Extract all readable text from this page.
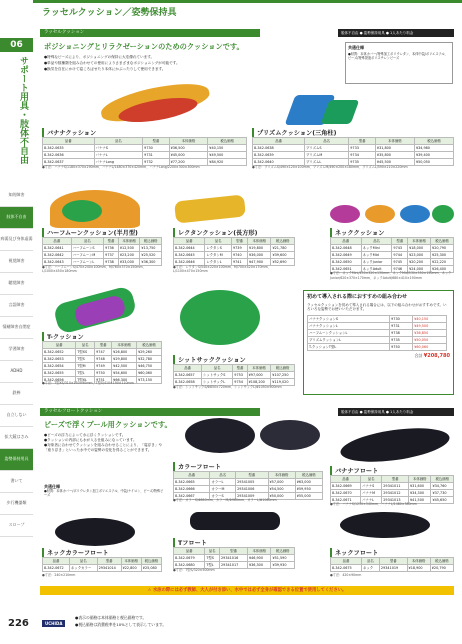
06
サポート用具・肢体不自由
知的障害
肢体不自由
病弱及び身体虚弱
視覚障害
聴覚障害
言語障害
情緒障害自閉症
学習障害
ADHD
鉄棒
自立しない
拡大鏡はさみ
姿勢保持用具
書いて
歩行機器類
スロープ
ラッセルクッション／姿勢保持具
ラッセルクッション	脱体不自由 ● 姿勢保持用具 ● 1人あたり料金
ポジショニングとリラクゼーションのためのクッションです。
●特殊なビーズにより、ポジショニングの保持に大変優れています。
●単品や数種類を組み合わせての使用によりさまざまなポジショニングが可能です。
●換気を自在にかけて寝ころばせたり本体にかぶったりして使用できます。
共通仕様
●材質：本体カバー/特殊加工ポリウレタン、本体中袋/ポリエステル、ビーズ/特殊発泡ポリスチレンビーズ
バナナクッション
品番	品名	型番	本体価格	税込価格
8-342-0635	バナナS	9730	¥36,500	¥40,150
8-342-0636	バナナL	9731	¥45,000	¥49,500
8-342-0637	バナナLong	9732	¥77,200	¥84,920
●寸法：バナナS/1180×370×290mm、バナナL/1480×370×420mm、バナナLong/2200×300×300mm
プリズムクッション(三角柱)
品番	品名	型番	本体価格	税込価格
8-342-0638	プリズムS	9733	¥31,800	¥34,980
8-342-0639	プリズムM	9734	¥35,800	¥39,400
8-342-0640	プリズムL	9735	¥45,500	¥50,050
●寸法：プリズムS/490×120×100mm、プリズムM/490×200×180mm、プリズムL/590×210×220mm
ハーフムーンクッション(半月型)
品番	品名	型番	本体価格	税込価格
8-342-0641	ハーフムーンS	9736	¥12,500	¥13,750
8-342-0642	ハーフムーンM	9737	¥23,200	¥25,520
8-342-0643	ハーフムーンL	9738	¥33,000	¥36,300
●寸法：ハーフムーンS/470×240×100mm、M/760×370×150mm、L/1000×450×180mm
レクタンクッション(長方形)
品番	品名	型番	本体価格	税込価格
8-342-0644	レクタンS	9739	¥19,800	¥21,780
8-342-0645	レクタンM	9740	¥36,000	¥39,600
8-342-0646	レクタンL	9741	¥47,900	¥52,690
●寸法：レクタンS/540×220×100mm、M/700×420×170mm、L/1100×470×150mm
ネッククッション
品番	品名	型番	本体価格	税込価格
8-342-0648	ネックMini	9743	¥18,000	¥20,790
8-342-0649	ネックMid	9744	¥23,000	¥25,300
8-342-0650	ネックJunior	9745	¥20,200	¥22,220
8-342-0651	ネックAdult	9746	¥24,000	¥26,400
●寸法：ネックMini/430×320×130mm、ネックMid/530×350×150mm、ネックJunior/620×370×170mm、ネックAdult/680×410×190mm
T-クッション
品番	品名	型番	本体価格	税込価格
8-342-0652	T型XS	9747	¥26,800	¥29,260
8-342-0653	T型S	9748	¥29,800	¥32,780
8-342-0654	T型M	9749	¥42,500	¥46,750
8-342-0655	T型L	9750	¥54,600	¥60,060
8-342-0656	T型XL	9751	¥66,300	¥73,150
●寸法：T型XS/310×130×90mm、T型S/410×190×110mm
シットサッククッション
品番	品名	型番	本体価格	税込価格
8-342-0657	シットサックS	9753	¥97,000	¥107,250
8-342-0658	シットサックL	9754	¥108,200	¥119,020
●寸法：シットサックS/Φ850×720mm、シットサックL/Φ1050×900mm
初めて導入される際におすすめの組み合わせ
ラッセルクッションを初めて導入される場合には、以下の組み合わせがおすすめです。いろいろな姿勢でお使いいただけます。
バナナクッションS	9730	¥40,150
バナナクッションL	9731	¥49,500
ハーフムーンクッションL	9738	¥36,850
プリズムクッションL	9735	¥50,050
T-クッションT型L	9750	¥60,060
合計 ¥208,780
ラッセルフロートクッション	脱体不自由 ● 姿勢保持用具 ● 1人あたり料金
ビーズで浮くプール用クッションです。
●ビーズの浮力によって水に浮くクッションです。
●クッションの内部にも水が入る仕組みになっています。
●対象者に合わせてクッションを組み合わせることにより、「寝浮き」や「座り浮き」といった水中での姿勢の変化を得ることができます。
共通仕様
●材質：本体カバー/ポリウレタン加工ポリエステル、中袋/ナイロン、ビーズ/特殊ビーズ
カラーフロート
品番	品名	型番	本体価格	税込価格
8-342-0665	カラーL	29341005	¥57,000	¥63,000
8-342-0666	カラーM	29341006	¥54,500	¥59,950
8-342-0667	カラーS	29341009	¥50,000	¥55,000
●寸法：カラーS/Φ860mm、カラーM/Φ960mm、カラーL/Φ1060mm
バナナフロート
品番	品名	型番	本体価格	税込価格
8-342-0669	バナナS	29341011	¥31,600	¥34,760
8-342-0670	バナナM	29341012	¥34,300	¥37,730
8-342-0671	バナナL	29341013	¥41,500	¥45,650
●寸法：バナナS/1230×340mm、バナナL/1480×380mm
ネックカラーフロート
品番	品名	型番	本体価格	税込価格
8-342-0672	ネックカラー	29341014	¥22,800	¥25,080
●寸法：240×210mm
Tフロート
品番	品名	型番	本体価格	税込価格
8-342-0679	T型S	29341016	¥46,900	¥51,590
8-342-0680	T型L	29341017	¥36,300	¥39,930
●寸法：T型S/320×500mm
ネックフロート
品番	品名	型番	本体価格	税込価格
8-342-0675	ネック	29341019	¥18,900	¥20,790
●寸法：420×90mm
⚠ 水泳の際には必ず教師、大人が付き添い、水中では必ず全身が確認できる位置で使用してください。
226	UCHIDA
●表示の価格は本体価格と税込価格です。
●税込価格は消費税率を10%として表示しています。
